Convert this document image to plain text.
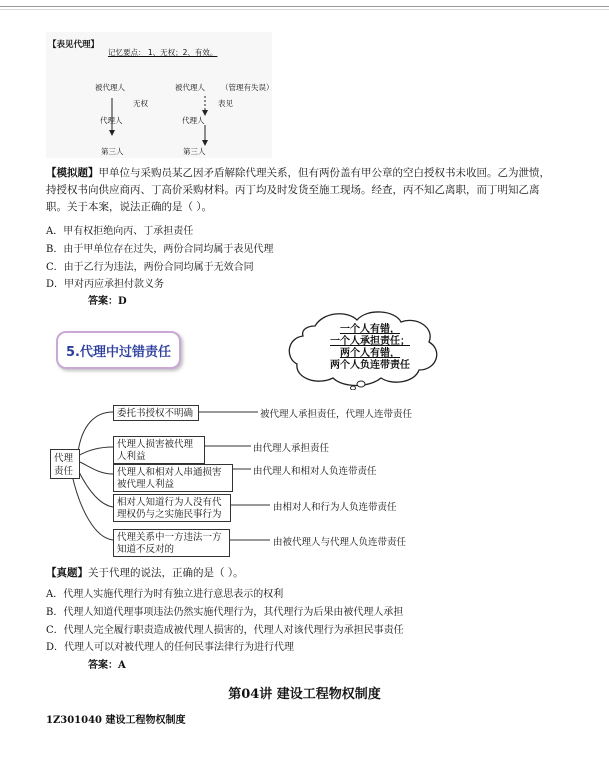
【表见代理】
记忆要点： 1、无权；2、有效。
被代理人	被代理人 （管理有失误）
无权	表见
代理人	代理人
第三人	第三人
【模拟题】甲单位与采购员某乙因矛盾解除代理关系，但有两份盖有甲公章的空白授权书未收回。乙为泄愤，持授权书向供应商丙、丁高价采购材料。丙丁均及时发货至施工现场。经查，丙不知乙离职，而丁明知乙离职。关于本案，说法正确的是（ ）。
A．甲有权拒绝向丙、丁承担责任
B．由于甲单位存在过失，两份合同均属于表见代理
C．由于乙行为违法，两份合同均属于无效合同
D．甲对丙应承担付款义务
答案：D
5.代理中过错责任
一个人有错，
一个人承担责任；
两个人有错，
两个人负连带责任
代理
责任
委托书授权不明确
代理人损害被代理人利益
代理人和相对人串通损害被代理人利益
相对人知道行为人没有代理权仍与之实施民事行为
代理关系中一方违法一方知道不反对的
被代理人承担责任，代理人连带责任
由代理人承担责任
由代理人和相对人负连带责任
由相对人和行为人负连带责任
由被代理人与代理人负连带责任
【真题】关于代理的说法，正确的是（ ）。
A．代理人实施代理行为时有独立进行意思表示的权利
B．代理人知道代理事项违法仍然实施代理行为，其代理行为后果由被代理人承担
C．代理人完全履行职责造成被代理人损害的，代理人对该代理行为承担民事责任
D．代理人可以对被代理人的任何民事法律行为进行代理
答案：A
第04讲 建设工程物权制度
1Z301040 建设工程物权制度
